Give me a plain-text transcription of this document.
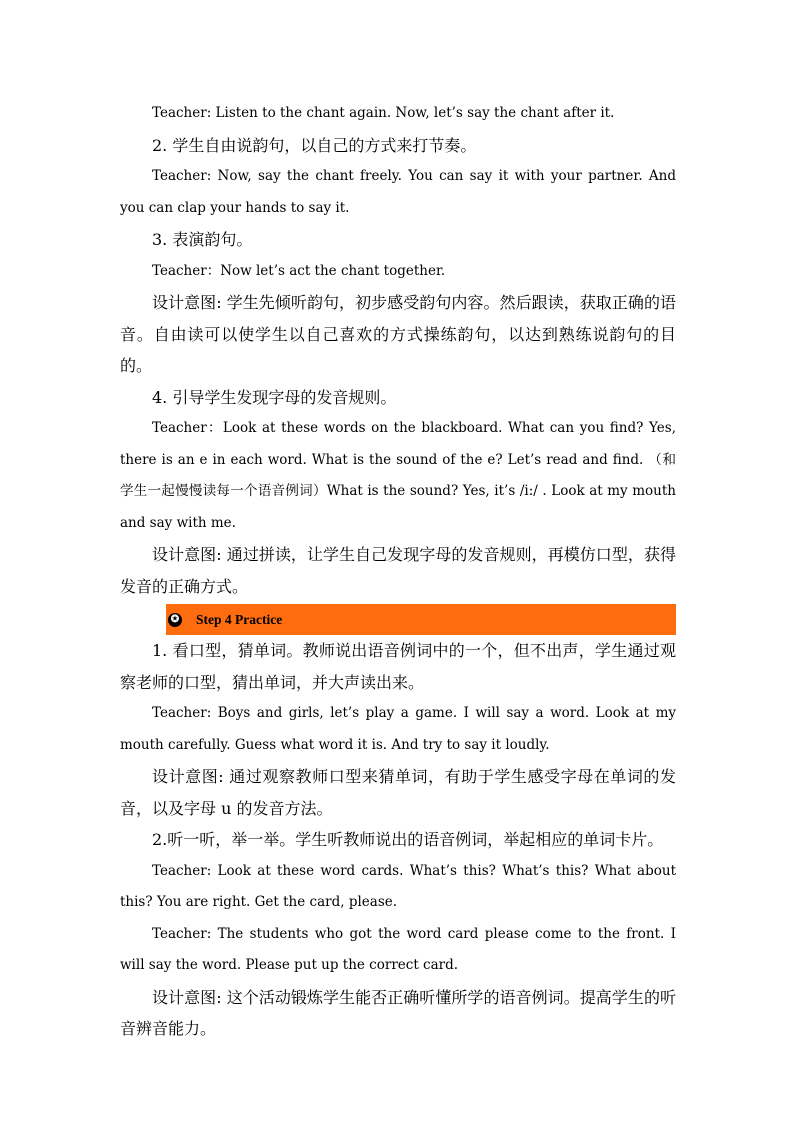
Teacher: Listen to the chant again. Now, let’s say the chant after it.

2. 学生自由说韵句，以自己的方式来打节奏。

Teacher: Now, say the chant freely. You can say it with your partner. And you can clap your hands to say it.

3. 表演韵句。

Teacher：Now let’s act the chant together.

设计意图: 学生先倾听韵句，初步感受韵句内容。然后跟读，获取正确的语音。自由读可以使学生以自己喜欢的方式操练韵句，以达到熟练说韵句的目的。

4. 引导学生发现字母的发音规则。

Teacher：Look at these words on the blackboard. What can you find? Yes, there is an e in each word. What is the sound of the e? Let’s read and find. （和学生一起慢慢读每一个语音例词）What is the sound? Yes, it’s /i:/ . Look at my mouth and say with me.

设计意图: 通过拼读，让学生自己发现字母的发音规则，再模仿口型，获得发音的正确方式。

✪ Step 4 Practice

1. 看口型，猜单词。教师说出语音例词中的一个，但不出声，学生通过观察老师的口型，猜出单词，并大声读出来。

Teacher: Boys and girls, let’s play a game. I will say a word. Look at my mouth carefully. Guess what word it is. And try to say it loudly.

设计意图: 通过观察教师口型来猜单词，有助于学生感受字母在单词的发音，以及字母 u 的发音方法。

2.听一听，举一举。学生听教师说出的语音例词，举起相应的单词卡片。

Teacher: Look at these word cards. What’s this? What’s this? What about this? You are right. Get the card, please.

Teacher: The students who got the word card please come to the front. I will say the word. Please put up the correct card.

设计意图: 这个活动锻炼学生能否正确听懂所学的语音例词。提高学生的听音辨音能力。
